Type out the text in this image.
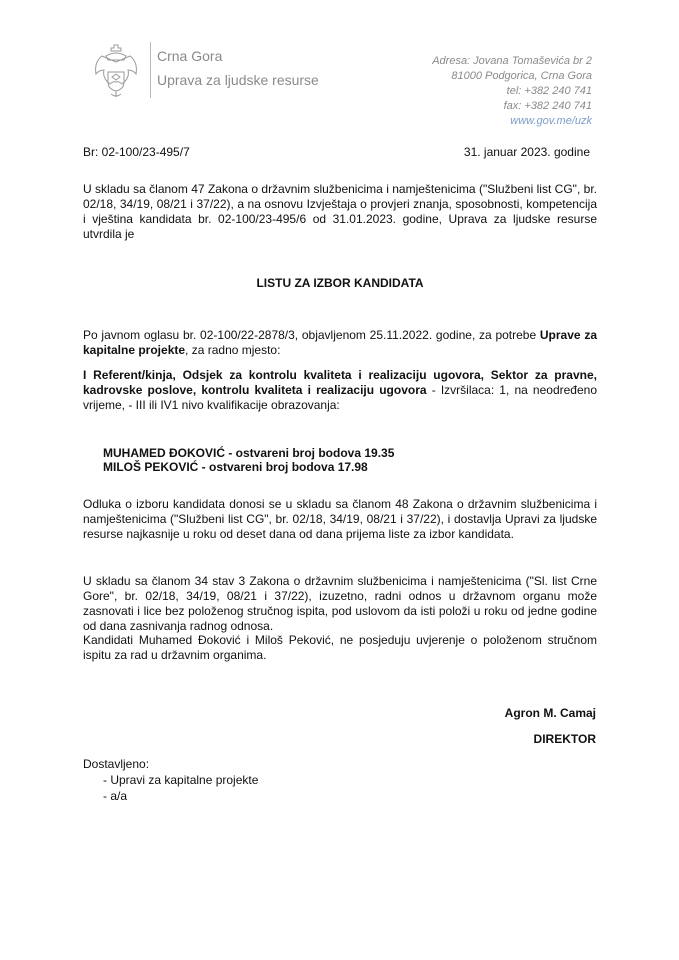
Crna Gora
Uprava za ljudske resurse
Adresa: Jovana Tomaševića br 2
81000 Podgorica, Crna Gora
tel: +382 240 741
fax: +382 240 741
www.gov.me/uzk
Br: 02-100/23-495/7	31. januar 2023. godine
U skladu sa članom 47 Zakona o državnim službenicima i namještenicima ("Službeni list CG", br. 02/18, 34/19, 08/21 i 37/22), a na osnovu Izvještaja o provjeri znanja, sposobnosti, kompetencija i vještina kandidata br. 02-100/23-495/6 od 31.01.2023. godine, Uprava za ljudske resurse utvrdila je
LISTU ZA IZBOR KANDIDATA
Po javnom oglasu br. 02-100/22-2878/3, objavljenom 25.11.2022. godine, za potrebe Uprave za kapitalne projekte, za radno mjesto:
I Referent/kinja, Odsjek za kontrolu kvaliteta i realizaciju ugovora, Sektor za pravne, kadrovske poslove, kontrolu kvaliteta i realizaciju ugovora - Izvršilaca: 1, na neodređeno vrijeme, - III ili IV1 nivo kvalifikacije obrazovanja:
MUHAMED ĐOKOVIĆ - ostvareni broj bodova 19.35
MILOŠ PEKOVIĆ - ostvareni broj bodova 17.98
Odluka o izboru kandidata donosi se u skladu sa članom 48 Zakona o državnim službenicima i namještenicima ("Službeni list CG", br. 02/18, 34/19, 08/21 i 37/22), i dostavlja Upravi za ljudske resurse najkasnije u roku od deset dana od dana prijema liste za izbor kandidata.
U skladu sa članom 34 stav 3 Zakona o državnim službenicima i namještenicima ("Sl. list Crne Gore", br. 02/18, 34/19, 08/21 i 37/22), izuzetno, radni odnos u državnom organu može zasnovati i lice bez položenog stručnog ispita, pod uslovom da isti položi u roku od jedne godine od dana zasnivanja radnog odnosa.
Kandidati Muhamed Đoković i Miloš Peković, ne posjeduju uvjerenje o položenom stručnom ispitu za rad u državnim organima.
Agron M. Camaj
DIREKTOR
Dostavljeno:
- Upravi za kapitalne projekte
- a/a
